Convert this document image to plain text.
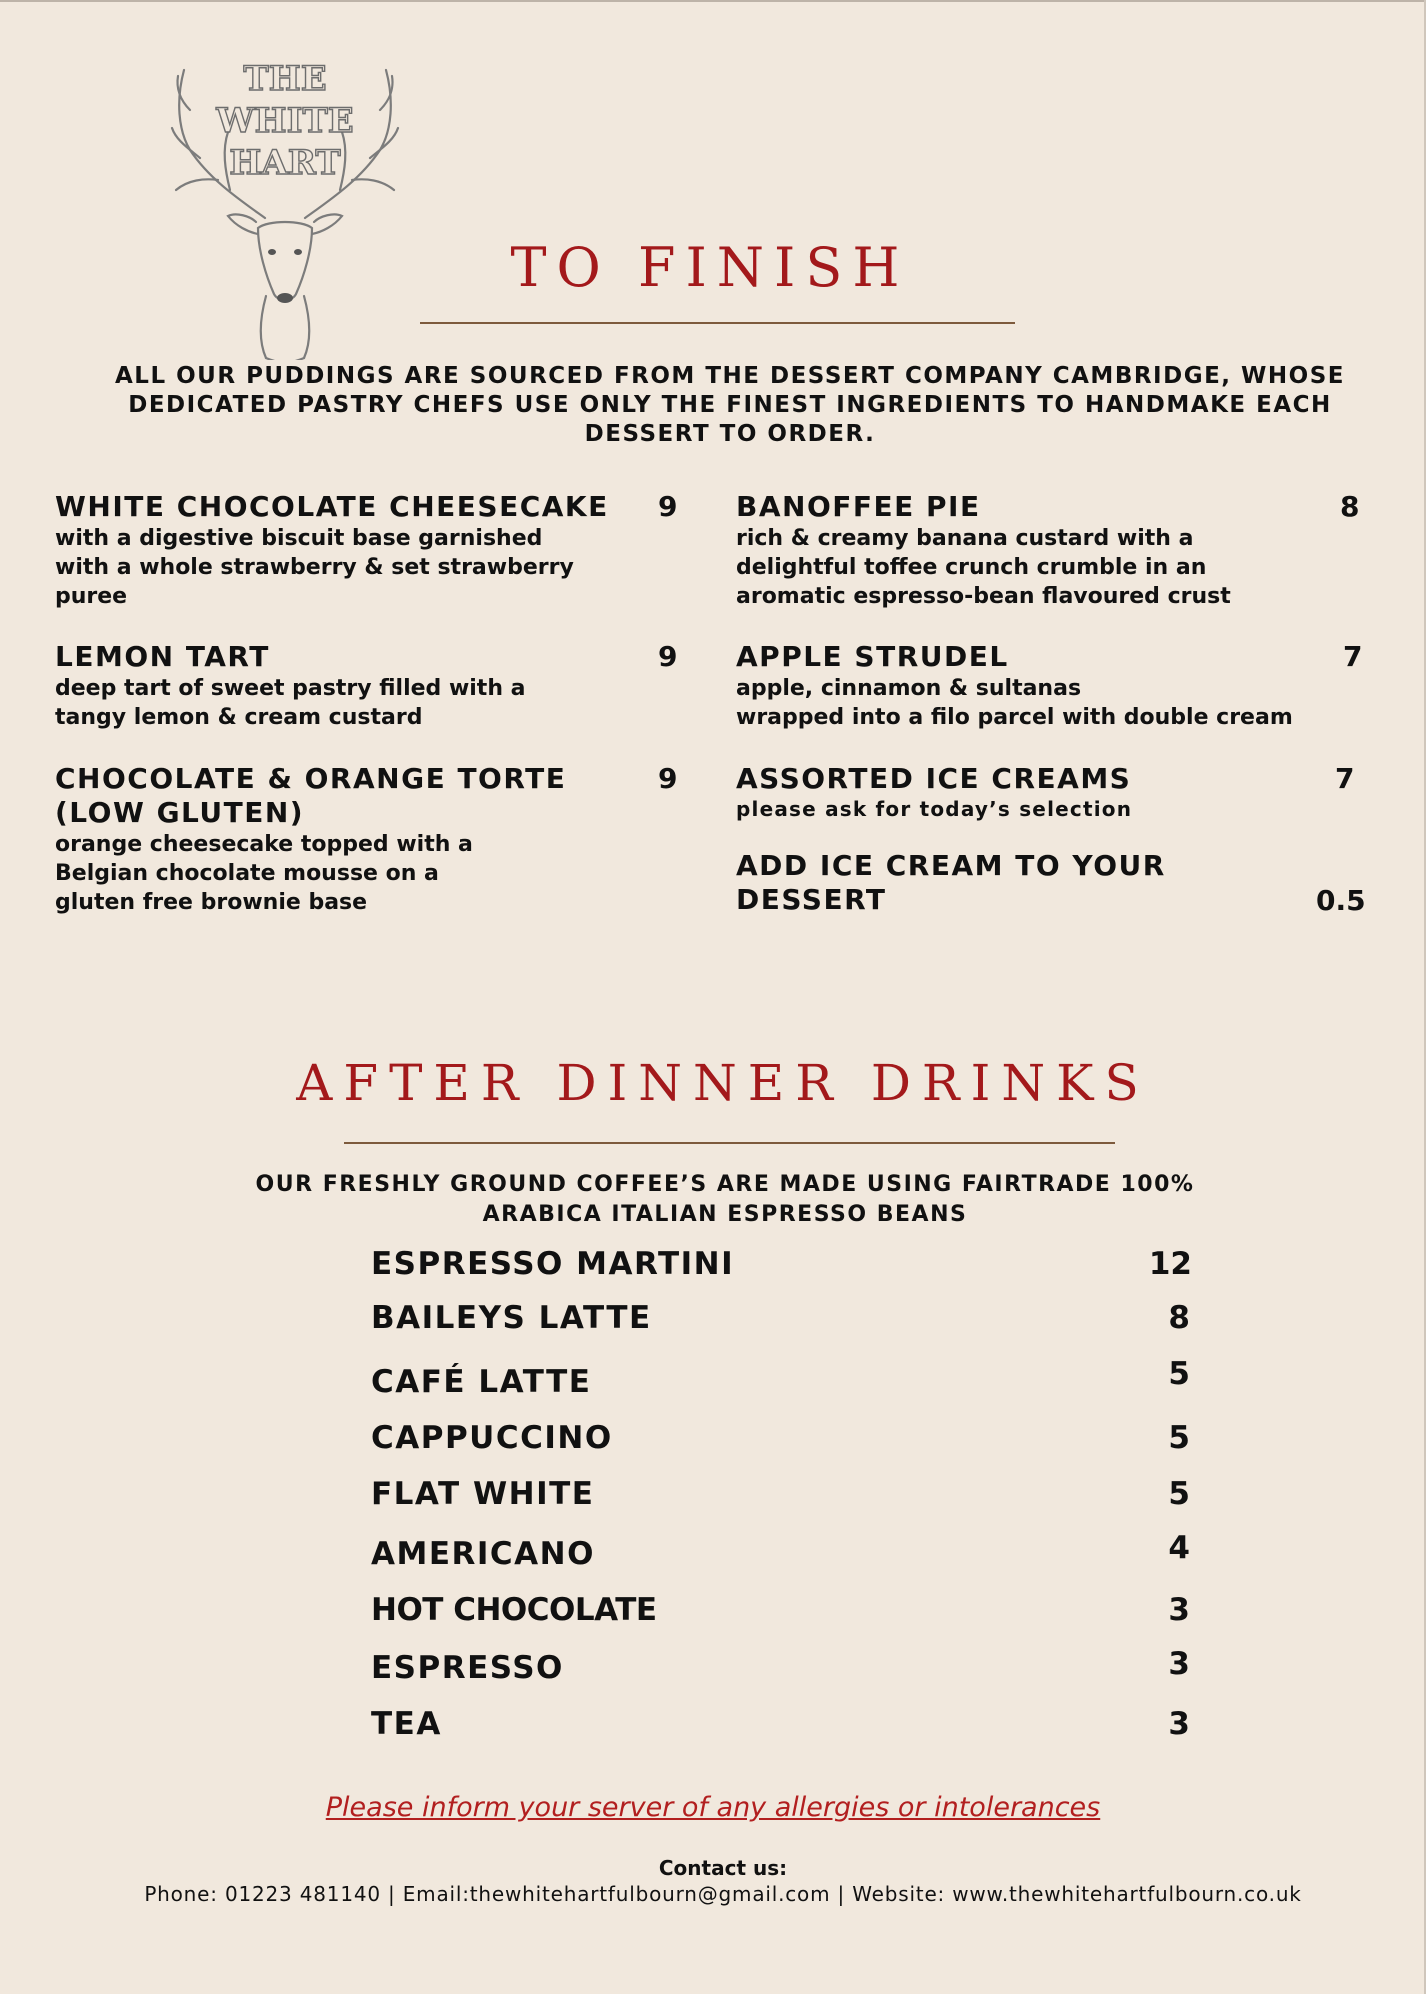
THE
WHITE
HART
TO FINISH

ALL OUR PUDDINGS ARE SOURCED FROM THE DESSERT COMPANY CAMBRIDGE, WHOSE DEDICATED PASTRY CHEFS USE ONLY THE FINEST INGREDIENTS TO HANDMAKE EACH DESSERT TO ORDER.

WHITE CHOCOLATE CHEESECAKE
with a digestive biscuit base garnished
with a whole strawberry & set strawberry
puree
9
LEMON TART
deep tart of sweet pastry filled with a
tangy lemon & cream custard
9
CHOCOLATE & ORANGE TORTE
(LOW GLUTEN)
orange cheesecake topped with a
Belgian chocolate mousse on a
gluten free brownie base
9
BANOFFEE PIE
rich & creamy banana custard with a
delightful toffee crunch crumble in an
aromatic espresso-bean flavoured crust
8
APPLE STRUDEL
apple, cinnamon & sultanas
wrapped into a filo parcel with double cream
7
ASSORTED ICE CREAMS
please ask for today’s selection
7
ADD ICE CREAM TO YOUR
DESSERT	0.5
AFTER DINNER DRINKS
OUR FRESHLY GROUND COFFEE’S ARE MADE USING FAIRTRADE 100%
ARABICA ITALIAN ESPRESSO BEANS
ESPRESSO MARTINI	12
BAILEYS LATTE	8
CAFÉ LATTE	5
CAPPUCCINO	5
FLAT WHITE	5
AMERICANO	4
HOT CHOCOLATE	3
ESPRESSO	3
TEA	3
Please inform your server of any allergies or intolerances
Contact us:
Phone: 01223 481140 | Email:thewhitehartfulbourn@gmail.com | Website: www.thewhitehartfulbourn.co.uk
